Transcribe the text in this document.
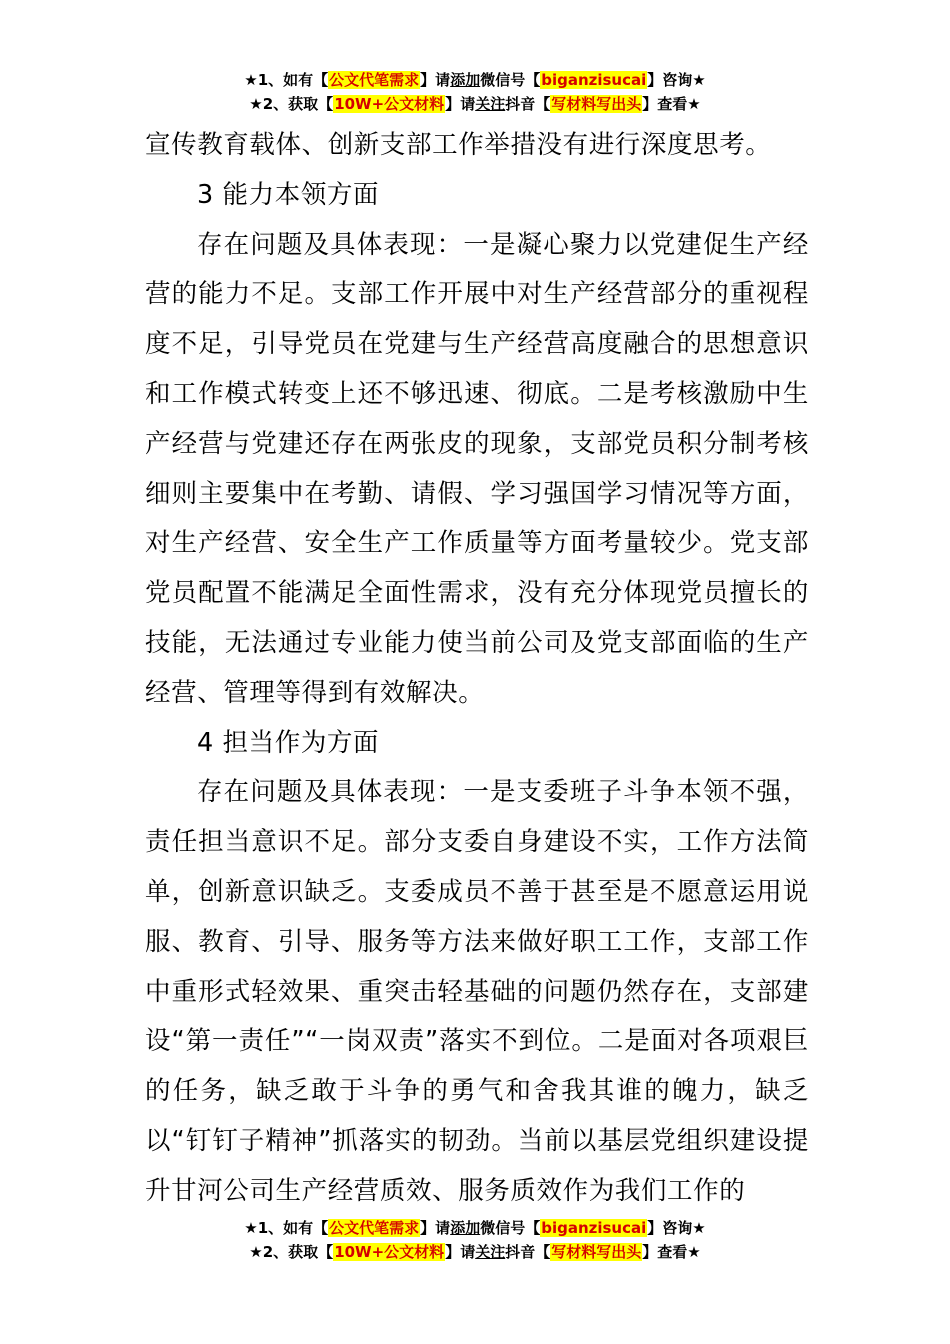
★1、如有【公文代笔需求】请添加微信号【biganzisucai】咨询★
★2、获取【10W+公文材料】请关注抖音【写材料写出头】查看★

宣传教育载体、创新支部工作举措没有进行深度思考。

3 能力本领方面

存在问题及具体表现：一是凝心聚力以党建促生产经营的能力不足。支部工作开展中对生产经营部分的重视程度不足，引导党员在党建与生产经营高度融合的思想意识和工作模式转变上还不够迅速、彻底。二是考核激励中生产经营与党建还存在两张皮的现象，支部党员积分制考核细则主要集中在考勤、请假、学习强国学习情况等方面，对生产经营、安全生产工作质量等方面考量较少。党支部党员配置不能满足全面性需求，没有充分体现党员擅长的技能，无法通过专业能力使当前公司及党支部面临的生产经营、管理等得到有效解决。

4 担当作为方面

存在问题及具体表现：一是支委班子斗争本领不强，责任担当意识不足。部分支委自身建设不实，工作方法简单，创新意识缺乏。支委成员不善于甚至是不愿意运用说服、教育、引导、服务等方法来做好职工工作，支部工作中重形式轻效果、重突击轻基础的问题仍然存在，支部建设“第一责任”“一岗双责”落实不到位。二是面对各项艰巨的任务，缺乏敢于斗争的勇气和舍我其谁的魄力，缺乏以“钉钉子精神”抓落实的韧劲。当前以基层党组织建设提升甘河公司生产经营质效、服务质效作为我们工作的

★1、如有【公文代笔需求】请添加微信号【biganzisucai】咨询★
★2、获取【10W+公文材料】请关注抖音【写材料写出头】查看★
